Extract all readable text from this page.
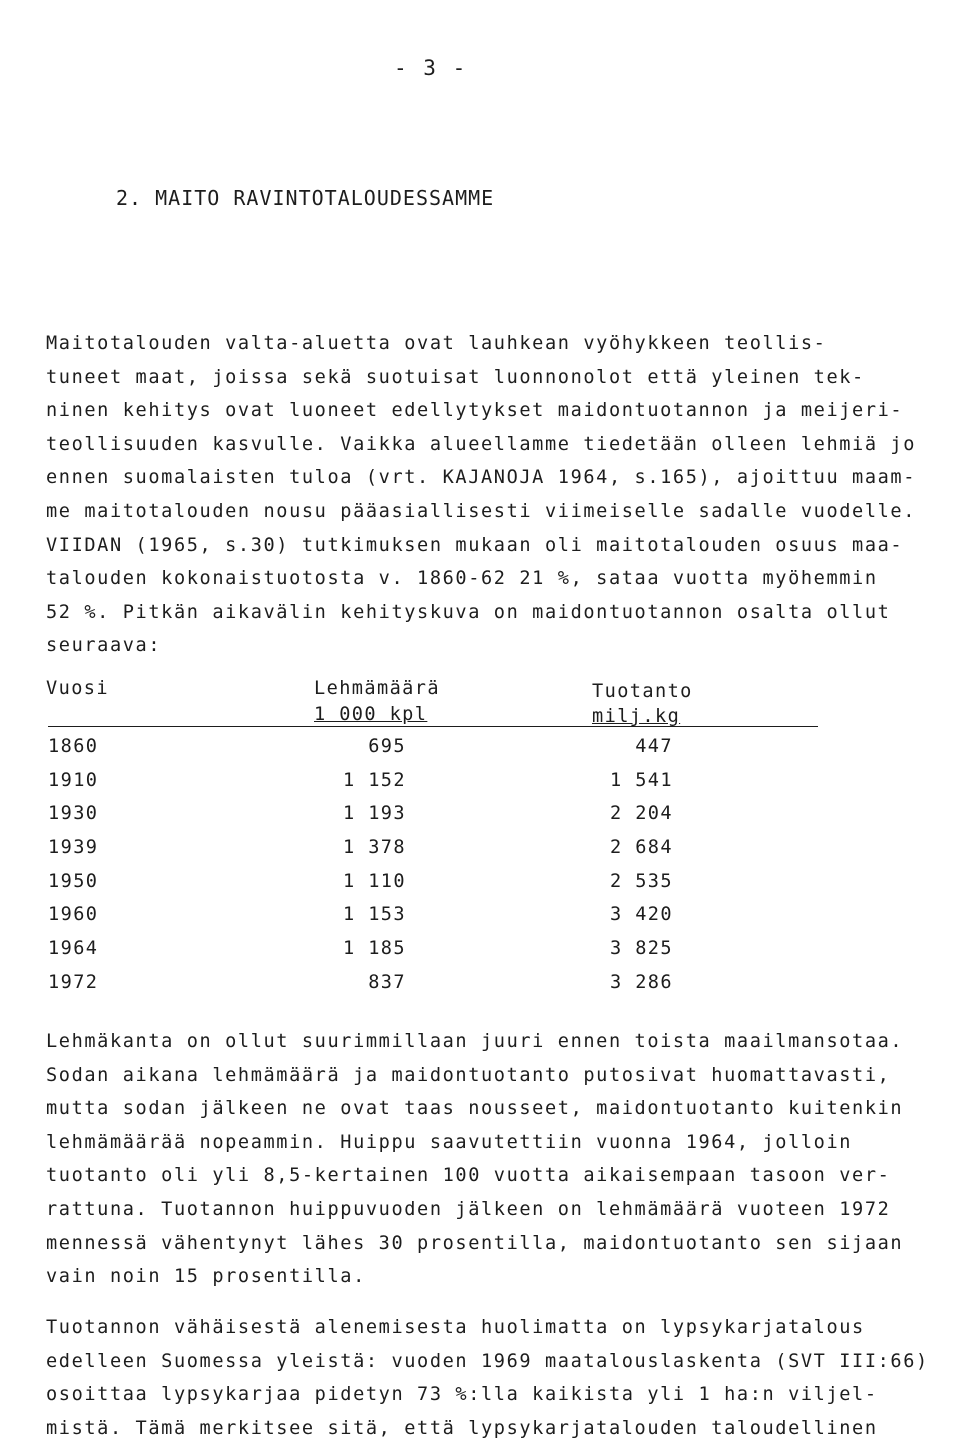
- 3 -
2. MAITO RAVINTOTALOUDESSAMME
Maitotalouden valta-aluetta ovat lauhkean vyöhykkeen teollis-
tuneet maat, joissa sekä suotuisat luonnonolot että yleinen tek-
ninen kehitys ovat luoneet edellytykset maidontuotannon ja meijeri-
teollisuuden kasvulle. Vaikka alueellamme tiedetään olleen lehmiä jo
ennen suomalaisten tuloa (vrt. KAJANOJA 1964, s.165), ajoittuu maam-
me maitotalouden nousu pääasiallisesti viimeiselle sadalle vuodelle.
VIIDAN (1965, s.30) tutkimuksen mukaan oli maitotalouden osuus maa-
talouden kokonaistuotosta v. 1860-62 21 %, sataa vuotta myöhemmin
52 %. Pitkän aikavälin kehityskuva on maidontuotannon osalta ollut
seuraava:
Vuosi	Lehmämäärä
1 000 kpl
Tuotanto
milj.kg
1860	695	447
1910	1 152	1 541
1930	1 193	2 204
1939	1 378	2 684
1950	1 110	2 535
1960	1 153	3 420
1964	1 185	3 825
1972	837	3 286
Lehmäkanta on ollut suurimmillaan juuri ennen toista maailmansotaa.
Sodan aikana lehmämäärä ja maidontuotanto putosivat huomattavasti,
mutta sodan jälkeen ne ovat taas nousseet, maidontuotanto kuitenkin
lehmämäärää nopeammin. Huippu saavutettiin vuonna 1964, jolloin
tuotanto oli yli 8,5-kertainen 100 vuotta aikaisempaan tasoon ver-
rattuna. Tuotannon huippuvuoden jälkeen on lehmämäärä vuoteen 1972
mennessä vähentynyt lähes 30 prosentilla, maidontuotanto sen sijaan
vain noin 15 prosentilla.
Tuotannon vähäisestä alenemisesta huolimatta on lypsykarjatalous
edelleen Suomessa yleistä: vuoden 1969 maatalouslaskenta (SVT III:66)
osoittaa lypsykarjaa pidetyn 73 %:lla kaikista yli 1 ha:n viljel-
mistä. Tämä merkitsee sitä, että lypsykarjatalouden taloudellinen
